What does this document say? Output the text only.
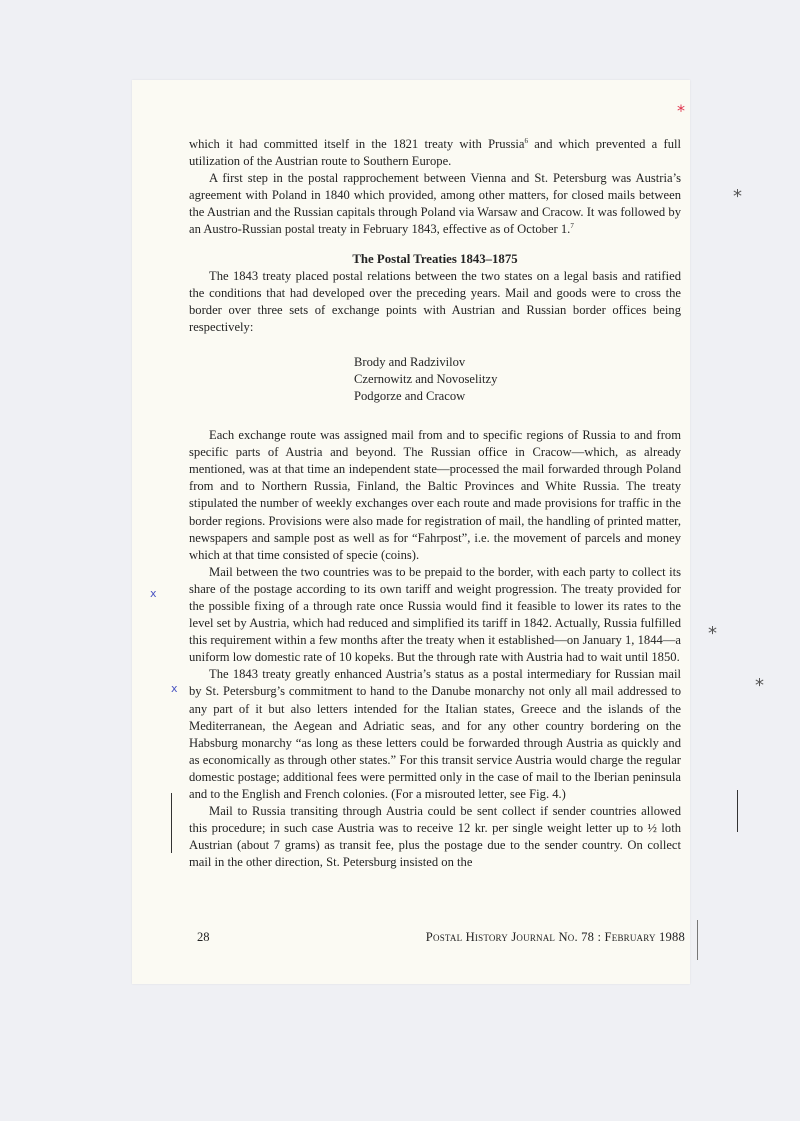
which it had committed itself in the 1821 treaty with Prussia$^6$ and which prevented a full utilization of the Austrian route to Southern Europe.

A first step in the postal rapprochement between Vienna and St. Petersburg was Austria’s agreement with Poland in 1840 which provided, among other matters, for closed mails between the Austrian and the Russian capitals through Poland via Warsaw and Cracow. It was followed by an Austro-Russian postal treaty in February 1843, effective as of October 1.$^7$

The Postal Treaties 1843–1875

The 1843 treaty placed postal relations between the two states on a legal basis and ratified the conditions that had developed over the preceding years. Mail and goods were to cross the border over three sets of exchange points with Austrian and Russian border offices being respectively:

Brody and Radzivilov
Czernowitz and Novoselitzy
Podgorze and Cracow

Each exchange route was assigned mail from and to specific regions of Russia to and from specific parts of Austria and beyond. The Russian office in Cracow—which, as already mentioned, was at that time an independent state—processed the mail forwarded through Poland from and to Northern Russia, Finland, the Baltic Provinces and White Russia. The treaty stipulated the number of weekly exchanges over each route and made provisions for traffic in the border regions. Provisions were also made for registration of mail, the handling of printed matter, newspapers and sample post as well as for “Fahrpost”, i.e. the movement of parcels and money which at that time consisted of specie (coins).

Mail between the two countries was to be prepaid to the border, with each party to collect its share of the postage according to its own tariff and weight progression. The treaty provided for the possible fixing of a through rate once Russia would find it feasible to lower its rates to the level set by Austria, which had reduced and simplified its tariff in 1842. Actually, Russia fulfilled this requirement within a few months after the treaty when it established—on January 1, 1844—a uniform low domestic rate of 10 kopeks. But the through rate with Austria had to wait until 1850.

The 1843 treaty greatly enhanced Austria’s status as a postal intermediary for Russian mail by St. Petersburg’s commitment to hand to the Danube monarchy not only all mail addressed to any part of it but also letters intended for the Italian states, Greece and the islands of the Mediterranean, the Aegean and Adriatic seas, and for any other country bordering on the Habsburg monarchy “as long as these letters could be forwarded through Austria as quickly and as economically as through other states.” For this transit service Austria would charge the regular domestic postage; additional fees were permitted only in the case of mail to the Iberian peninsula and to the English and French colonies. (For a misrouted letter, see Fig. 4.)

Mail to Russia transiting through Austria could be sent collect if sender countries allowed this procedure; in such case Austria was to receive 12 kr. per single weight letter up to ½ loth Austrian (about 7 grams) as transit fee, plus the postage due to the sender country. On collect mail in the other direction, St. Petersburg insisted on the

28	Postal History Journal No. 78 : February 1988
*
*
*
*
x
x
